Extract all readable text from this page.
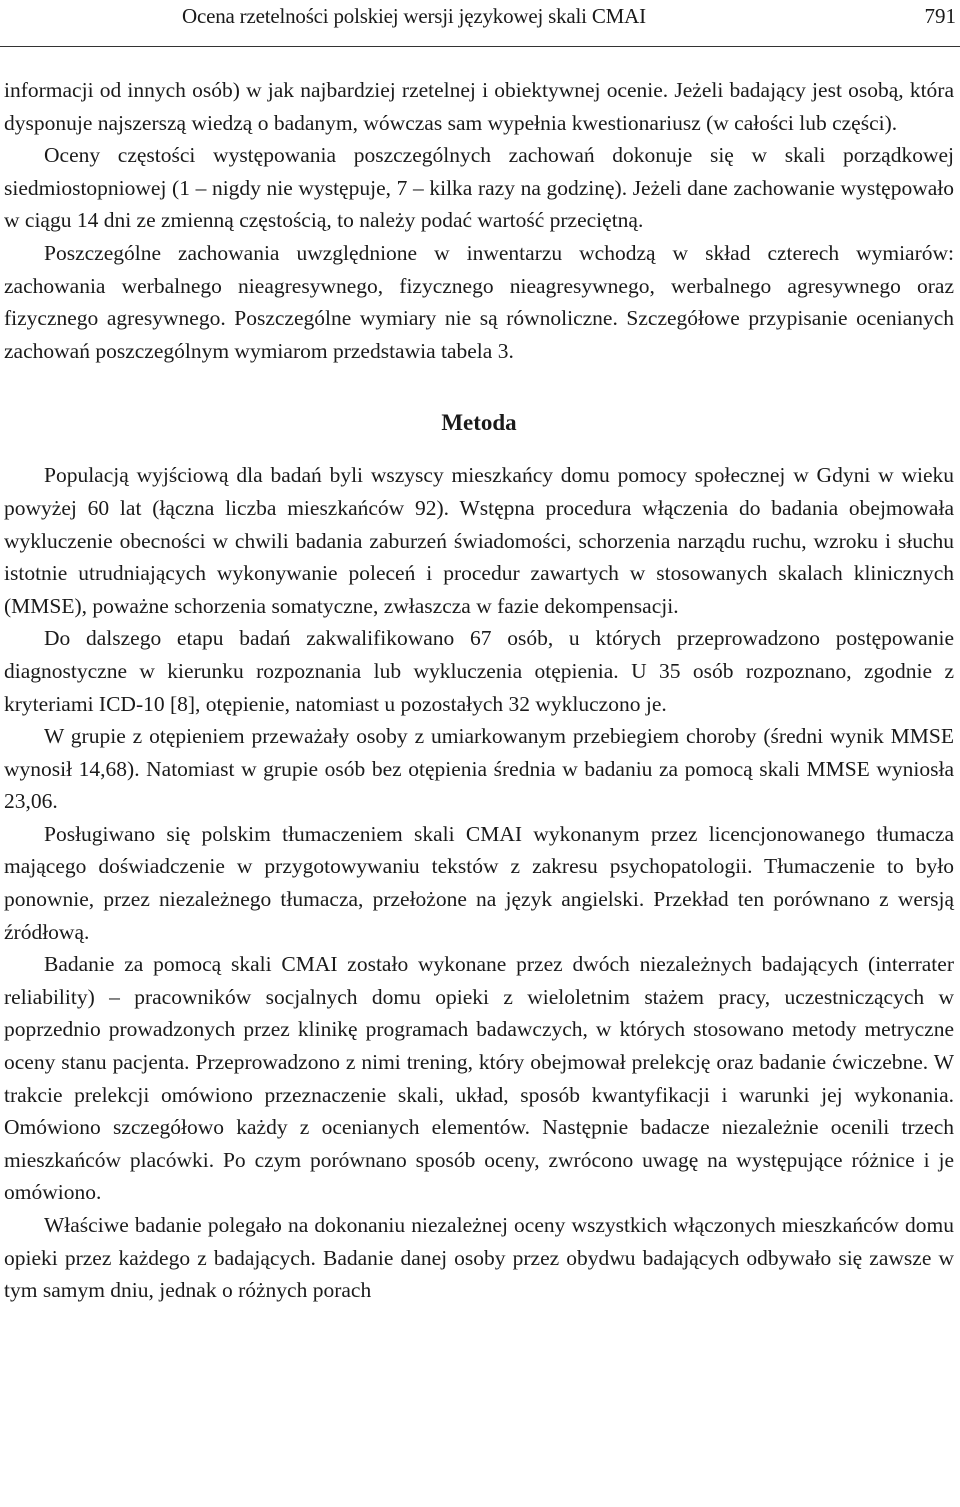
Ocena rzetelności polskiej wersji językowej skali CMAI	791

informacji od innych osób) w jak najbardziej rzetelnej i obiektywnej ocenie. Jeżeli badający jest osobą, która dysponuje najszerszą wiedzą o badanym, wówczas sam wypełnia kwestionariusz (w całości lub części).

Oceny częstości występowania poszczególnych zachowań dokonuje się w skali porządkowej siedmiostopniowej (1 – nigdy nie występuje, 7 – kilka razy na godzinę). Jeżeli dane zachowanie występowało w ciągu 14 dni ze zmienną częstością, to należy podać wartość przeciętną.

Poszczególne zachowania uwzględnione w inwentarzu wchodzą w skład czterech wymiarów: zachowania werbalnego nieagresywnego, fizycznego nieagresywnego, werbalnego agresywnego oraz fizycznego agresywnego. Poszczególne wymiary nie są równoliczne. Szczegółowe przypisanie ocenianych zachowań poszczególnym wymiarom przedstawia tabela 3.

Metoda

Populacją wyjściową dla badań byli wszyscy mieszkańcy domu pomocy społecznej w Gdyni w wieku powyżej 60 lat (łączna liczba mieszkańców 92). Wstępna procedura włączenia do badania obejmowała wykluczenie obecności w chwili badania zaburzeń świadomości, schorzenia narządu ruchu, wzroku i słuchu istotnie utrudniających wykonywanie poleceń i procedur zawartych w stosowanych skalach klinicznych (MMSE), poważne schorzenia somatyczne, zwłaszcza w fazie dekompensacji.

Do dalszego etapu badań zakwalifikowano 67 osób, u których przeprowadzono postępowanie diagnostyczne w kierunku rozpoznania lub wykluczenia otępienia. U 35 osób rozpoznano, zgodnie z kryteriami ICD-10 [8], otępienie, natomiast u pozostałych 32 wykluczono je.

W grupie z otępieniem przeważały osoby z umiarkowanym przebiegiem choroby (średni wynik MMSE wynosił 14,68). Natomiast w grupie osób bez otępienia średnia w badaniu za pomocą skali MMSE wyniosła 23,06.

Posługiwano się polskim tłumaczeniem skali CMAI wykonanym przez licencjonowanego tłumacza mającego doświadczenie w przygotowywaniu tekstów z zakresu psychopatologii. Tłumaczenie to było ponownie, przez niezależnego tłumacza, przełożone na język angielski. Przekład ten porównano z wersją źródłową.

Badanie za pomocą skali CMAI zostało wykonane przez dwóch niezależnych badających (interrater reliability) – pracowników socjalnych domu opieki z wieloletnim stażem pracy, uczestniczących w poprzednio prowadzonych przez klinikę programach badawczych, w których stosowano metody metryczne oceny stanu pacjenta. Przeprowadzono z nimi trening, który obejmował prelekcję oraz badanie ćwiczebne. W trakcie prelekcji omówiono przeznaczenie skali, układ, sposób kwantyfikacji i warunki jej wykonania. Omówiono szczegółowo każdy z ocenianych elementów. Następnie badacze niezależnie ocenili trzech mieszkańców placówki. Po czym porównano sposób oceny, zwrócono uwagę na występujące różnice i je omówiono.

Właściwe badanie polegało na dokonaniu niezależnej oceny wszystkich włączonych mieszkańców domu opieki przez każdego z badających. Badanie danej osoby przez obydwu badających odbywało się zawsze w tym samym dniu, jednak o różnych porach
